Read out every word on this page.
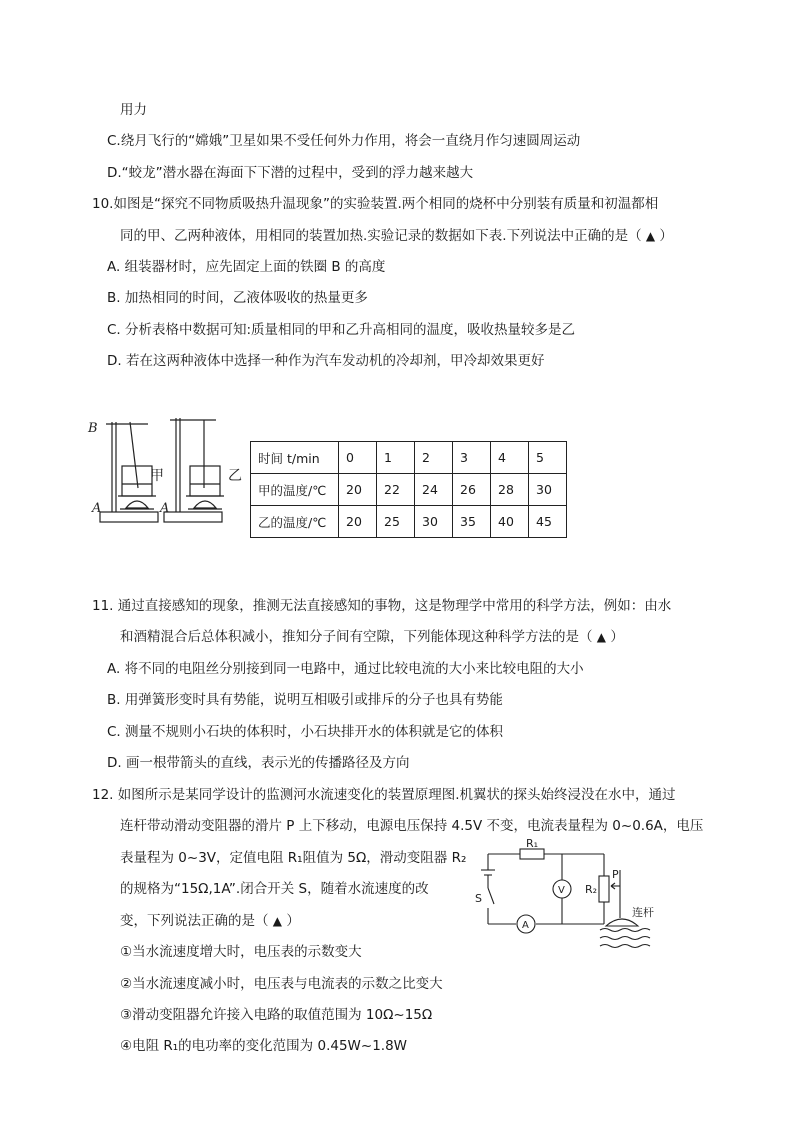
用力
C.绕月飞行的“嫦娥”卫星如果不受任何外力作用，将会一直绕月作匀速圆周运动
D.“蛟龙”潜水器在海面下下潜的过程中，受到的浮力越来越大
10.如图是“探究不同物质吸热升温现象”的实验装置.两个相同的烧杯中分别装有质量和初温都相
同的甲、乙两种液体，用相同的装置加热.实验记录的数据如下表.下列说法中正确的是（ ▲ ）
A. 组装器材时，应先固定上面的铁圈 B 的高度
B. 加热相同的时间，乙液体吸收的热量更多
C. 分析表格中数据可知:质量相同的甲和乙升高相同的温度，吸收热量较多是乙
D. 若在这两种液体中选择一种作为汽车发动机的冷却剂，甲冷却效果更好
B
A	A
甲	乙
时间 t/min	0	1	2	3	4	5
甲的温度/℃	20	22	24	26	28	30
乙的温度/℃	20	25	30	35	40	45
11. 通过直接感知的现象，推测无法直接感知的事物，这是物理学中常用的科学方法，例如：由水
和酒精混合后总体积减小，推知分子间有空隙，下列能体现这种科学方法的是（ ▲ ）
A. 将不同的电阻丝分别接到同一电路中，通过比较电流的大小来比较电阻的大小
B. 用弹簧形变时具有势能，说明互相吸引或排斥的分子也具有势能
C. 测量不规则小石块的体积时，小石块排开水的体积就是它的体积
D. 画一根带箭头的直线，表示光的传播路径及方向
12. 如图所示是某同学设计的监测河水流速变化的装置原理图.机翼状的探头始终浸没在水中，通过
连杆带动滑动变阻器的滑片 P 上下移动，电源电压保持 4.5V 不变，电流表量程为 0~0.6A，电压
表量程为 0~3V，定值电阻 R₁阻值为 5Ω，滑动变阻器 R₂
的规格为“15Ω,1A”.闭合开关 S，随着水流速度的改
变，下列说法正确的是（ ▲ ）
①当水流速度增大时，电压表的示数变大
②当水流速度减小时，电压表与电流表的示数之比变大
③滑动变阻器允许接入电路的取值范围为 10Ω~15Ω
④电阻 R₁的电功率的变化范围为 0.45W~1.8W
R₁
R₂
P
S
V
A
连杆
